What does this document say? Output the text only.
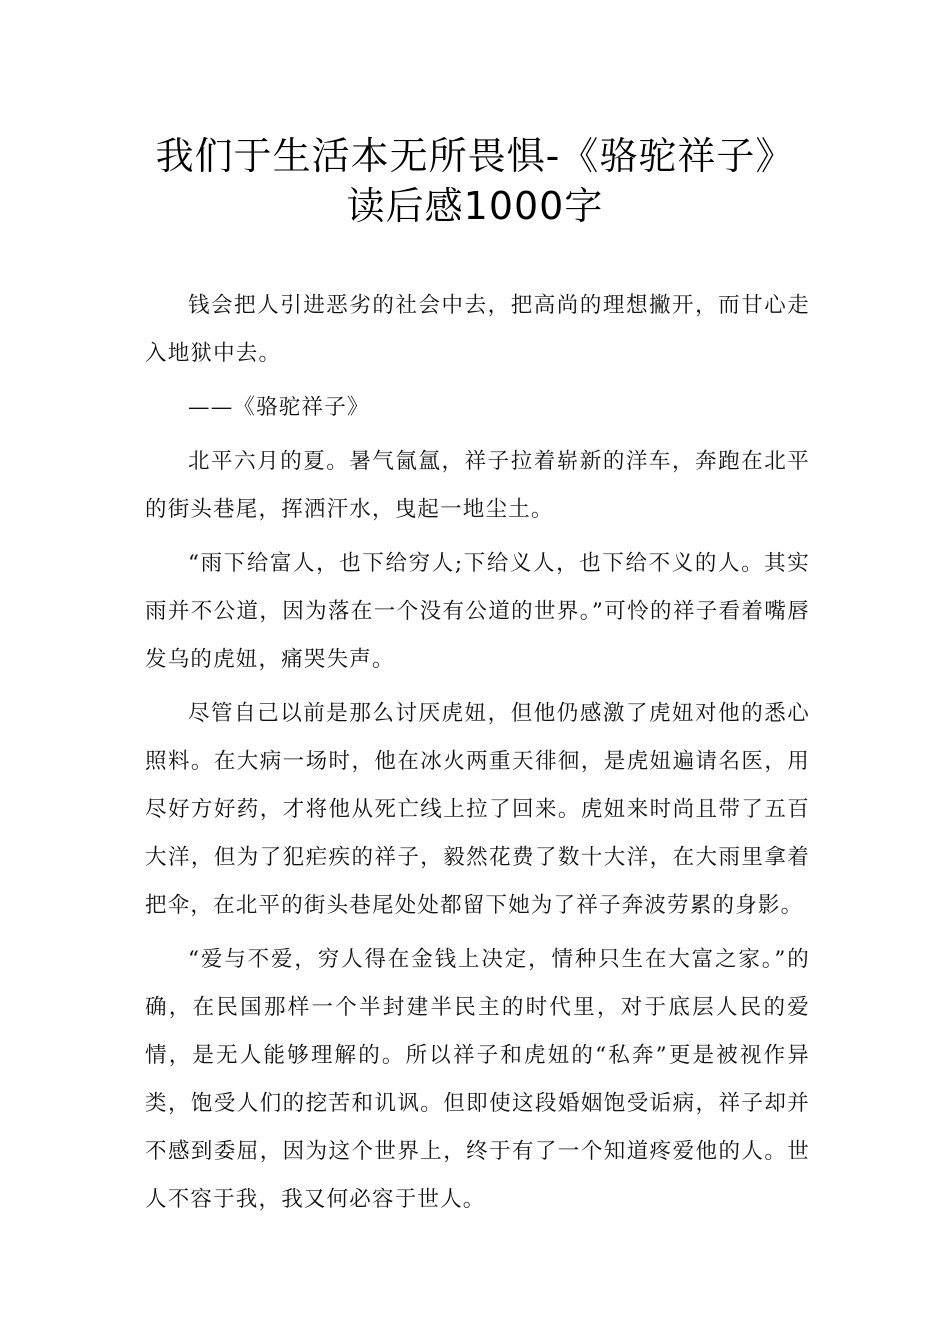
我们于生活本无所畏惧-《骆驼祥子》
读后感1000字

钱会把人引进恶劣的社会中去，把高尚的理想撇开，而甘心走入地狱中去。

——《骆驼祥子》

北平六月的夏。暑气氤氲，祥子拉着崭新的洋车，奔跑在北平的街头巷尾，挥洒汗水，曳起一地尘土。

“雨下给富人，也下给穷人;下给义人，也下给不义的人。其实雨并不公道，因为落在一个没有公道的世界。”可怜的祥子看着嘴唇发乌的虎妞，痛哭失声。

尽管自己以前是那么讨厌虎妞，但他仍感激了虎妞对他的悉心照料。在大病一场时，他在冰火两重天徘徊，是虎妞遍请名医，用尽好方好药，才将他从死亡线上拉了回来。虎妞来时尚且带了五百大洋，但为了犯疟疾的祥子，毅然花费了数十大洋，在大雨里拿着把伞，在北平的街头巷尾处处都留下她为了祥子奔波劳累的身影。

“爱与不爱，穷人得在金钱上决定，情种只生在大富之家。”的确，在民国那样一个半封建半民主的时代里，对于底层人民的爱情，是无人能够理解的。所以祥子和虎妞的“私奔”更是被视作异类，饱受人们的挖苦和讥讽。但即使这段婚姻饱受诟病，祥子却并不感到委屈，因为这个世界上，终于有了一个知道疼爱他的人。世人不容于我，我又何必容于世人。
